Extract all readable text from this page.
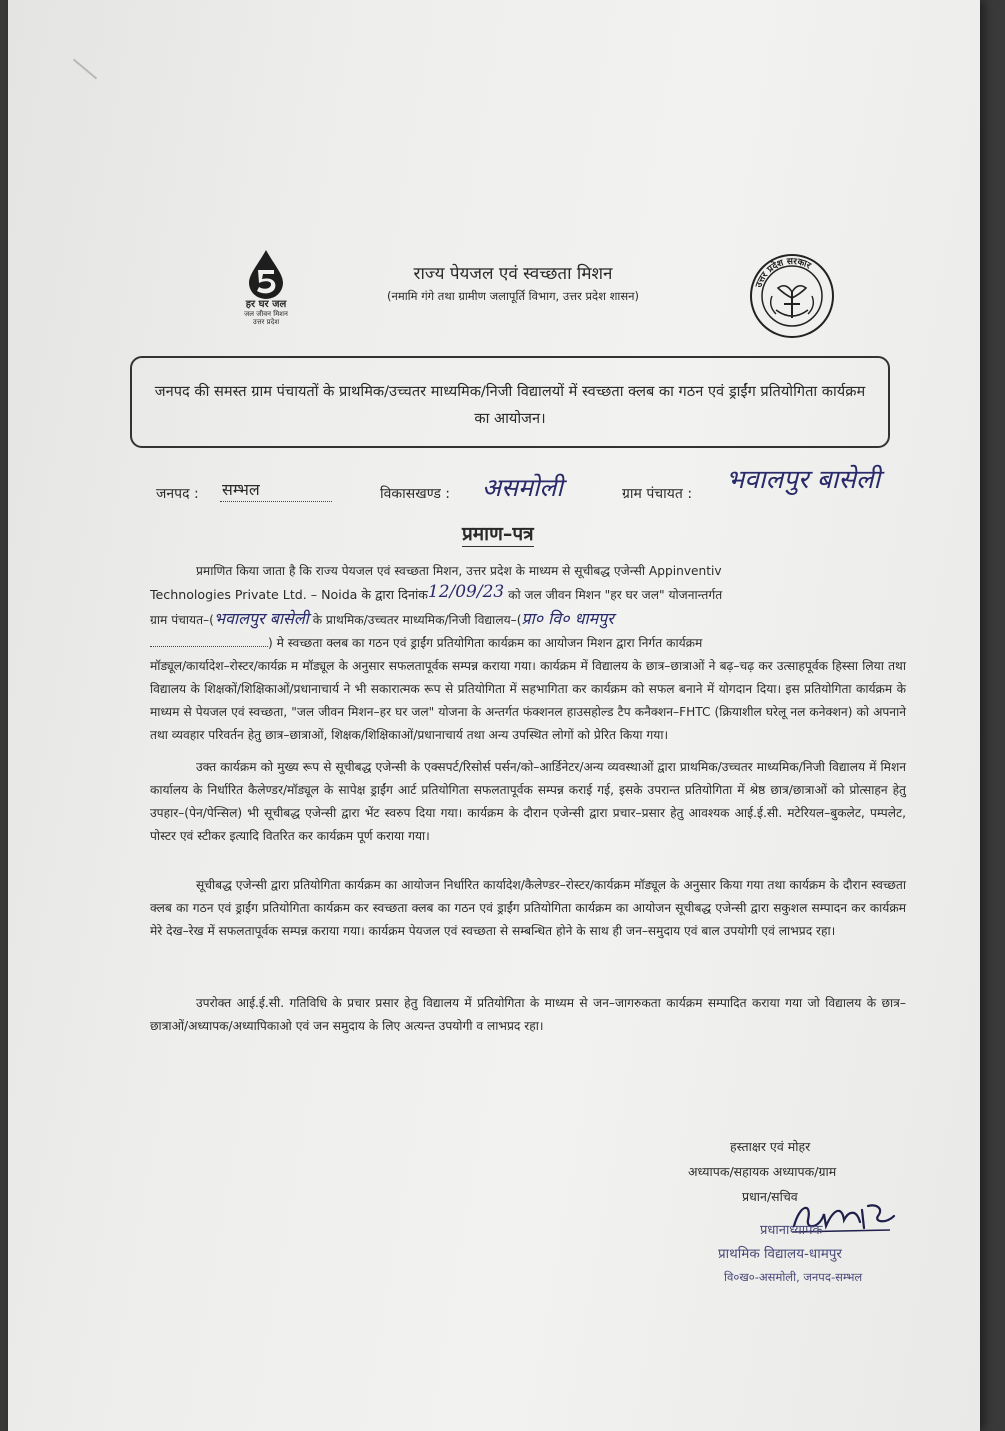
हर घर जल
जल जीवन मिशन
उत्तर प्रदेश
राज्य पेयजल एवं स्वच्छता मिशन
(नमामि गंगे तथा ग्रामीण जलापूर्ति विभाग, उत्तर प्रदेश शासन)
उत्तर प्रदेश सरकार
जनपद की समस्त ग्राम पंचायतों के प्राथमिक/उच्चतर माध्यमिक/निजी विद्यालयों में स्वच्छता क्लब का गठन एवं ड्राईंग प्रतियोगिता कार्यक्रम का आयोजन।
जनपद : सम्भल	विकासखण्ड : असमोली	ग्राम पंचायत : भवालपुर बासेली
प्रमाण–पत्र
प्रमाणित किया जाता है कि राज्य पेयजल एवं स्वच्छता मिशन, उत्तर प्रदेश के माध्यम से सूचीबद्ध एजेन्सी Appinventiv
Technologies Private Ltd. – Noida के द्वारा दिनांक12/09/23 को जल जीवन मिशन "हर घर जल" योजनान्तर्गत
ग्राम पंचायत–(भवालपुर बासेली के प्राथमिक/उच्चतर माध्यमिक/निजी विद्यालय–(प्रा० वि० धामपुर
) मे स्वच्छता क्लब का गठन एवं ड्राईंग प्रतियोगिता कार्यक्रम का आयोजन मिशन द्वारा निर्गत कार्यक्रम
मॉड्यूल/कार्यादेश–रोस्टर/कार्यक्र म मॉड्यूल के अनुसार सफलतापूर्वक सम्पन्न कराया गया। कार्यक्रम में विद्यालय के छात्र–छात्राओं ने बढ़–चढ़ कर उत्साहपूर्वक हिस्सा लिया तथा विद्यालय के शिक्षकों/शिक्षिकाओं/प्रधानाचार्य ने भी सकारात्मक रूप से प्रतियोगिता में सहभागिता कर कार्यक्रम को सफल बनाने में योगदान दिया। इस प्रतियोगिता कार्यक्रम के माध्यम से पेयजल एवं स्वच्छता, "जल जीवन मिशन–हर घर जल" योजना के अन्तर्गत फंक्शनल हाउसहोल्ड टैप कनैक्शन–FHTC (क्रियाशील घरेलू नल कनेक्शन) को अपनाने तथा व्यवहार परिवर्तन हेतु छात्र–छात्राओं, शिक्षक/शिक्षिकाओं/प्रधानाचार्य तथा अन्य उपस्थित लोगों को प्रेरित किया गया।

उक्त कार्यक्रम को मुख्य रूप से सूचीबद्ध एजेन्सी के एक्सपर्ट/रिसोर्स पर्सन/को–आर्डिनेटर/अन्य व्यवस्थाओं द्वारा प्राथमिक/उच्चतर माध्यमिक/निजी विद्यालय में मिशन कार्यालय के निर्धारित कैलेण्डर/मॉड्यूल के सापेक्ष ड्राईंग आर्ट प्रतियोगिता सफलतापूर्वक सम्पन्न कराई गई, इसके उपरान्त प्रतियोगिता में श्रेष्ठ छात्र/छात्राओं को प्रोत्साहन हेतु उपहार–(पेन/पेन्सिल) भी सूचीबद्ध एजेन्सी द्वारा भेंट स्वरुप दिया गया। कार्यक्रम के दौरान एजेन्सी द्वारा प्रचार–प्रसार हेतु आवश्यक आई.ई.सी. मटेरियल–बुकलेट, पम्पलेट, पोस्टर एवं स्टीकर इत्यादि वितरित कर कार्यक्रम पूर्ण कराया गया।

सूचीबद्ध एजेन्सी द्वारा प्रतियोगिता कार्यक्रम का आयोजन निर्धारित कार्यादेश/कैलेण्डर–रोस्टर/कार्यक्रम मॉड्यूल के अनुसार किया गया तथा कार्यक्रम के दौरान स्वच्छता क्लब का गठन एवं ड्राईंग प्रतियोगिता कार्यक्रम कर स्वच्छता क्लब का गठन एवं ड्राईंग प्रतियोगिता कार्यक्रम का आयोजन सूचीबद्ध एजेन्सी द्वारा सकुशल सम्पादन कर कार्यक्रम मेरे देख–रेख में सफलतापूर्वक सम्पन्न कराया गया। कार्यक्रम पेयजल एवं स्वच्छता से सम्बन्धित होने के साथ ही जन–समुदाय एवं बाल उपयोगी एवं लाभप्रद रहा।

उपरोक्त आई.ई.सी. गतिविधि के प्रचार प्रसार हेतु विद्यालय में प्रतियोगिता के माध्यम से जन–जागरुकता कार्यक्रम सम्पादित कराया गया जो विद्यालय के छात्र–छात्राओं/अध्यापक/अध्यापिकाओ एवं जन समुदाय के लिए अत्यन्त उपयोगी व लाभप्रद रहा।

हस्ताक्षर एवं मोहर
अध्यापक/सहायक अध्यापक/ग्राम
प्रधान/सचिव
प्रधानाध्यापक
प्राथमिक विद्यालय-धामपुर
वि०ख०-असमोली, जनपद-सम्भल
